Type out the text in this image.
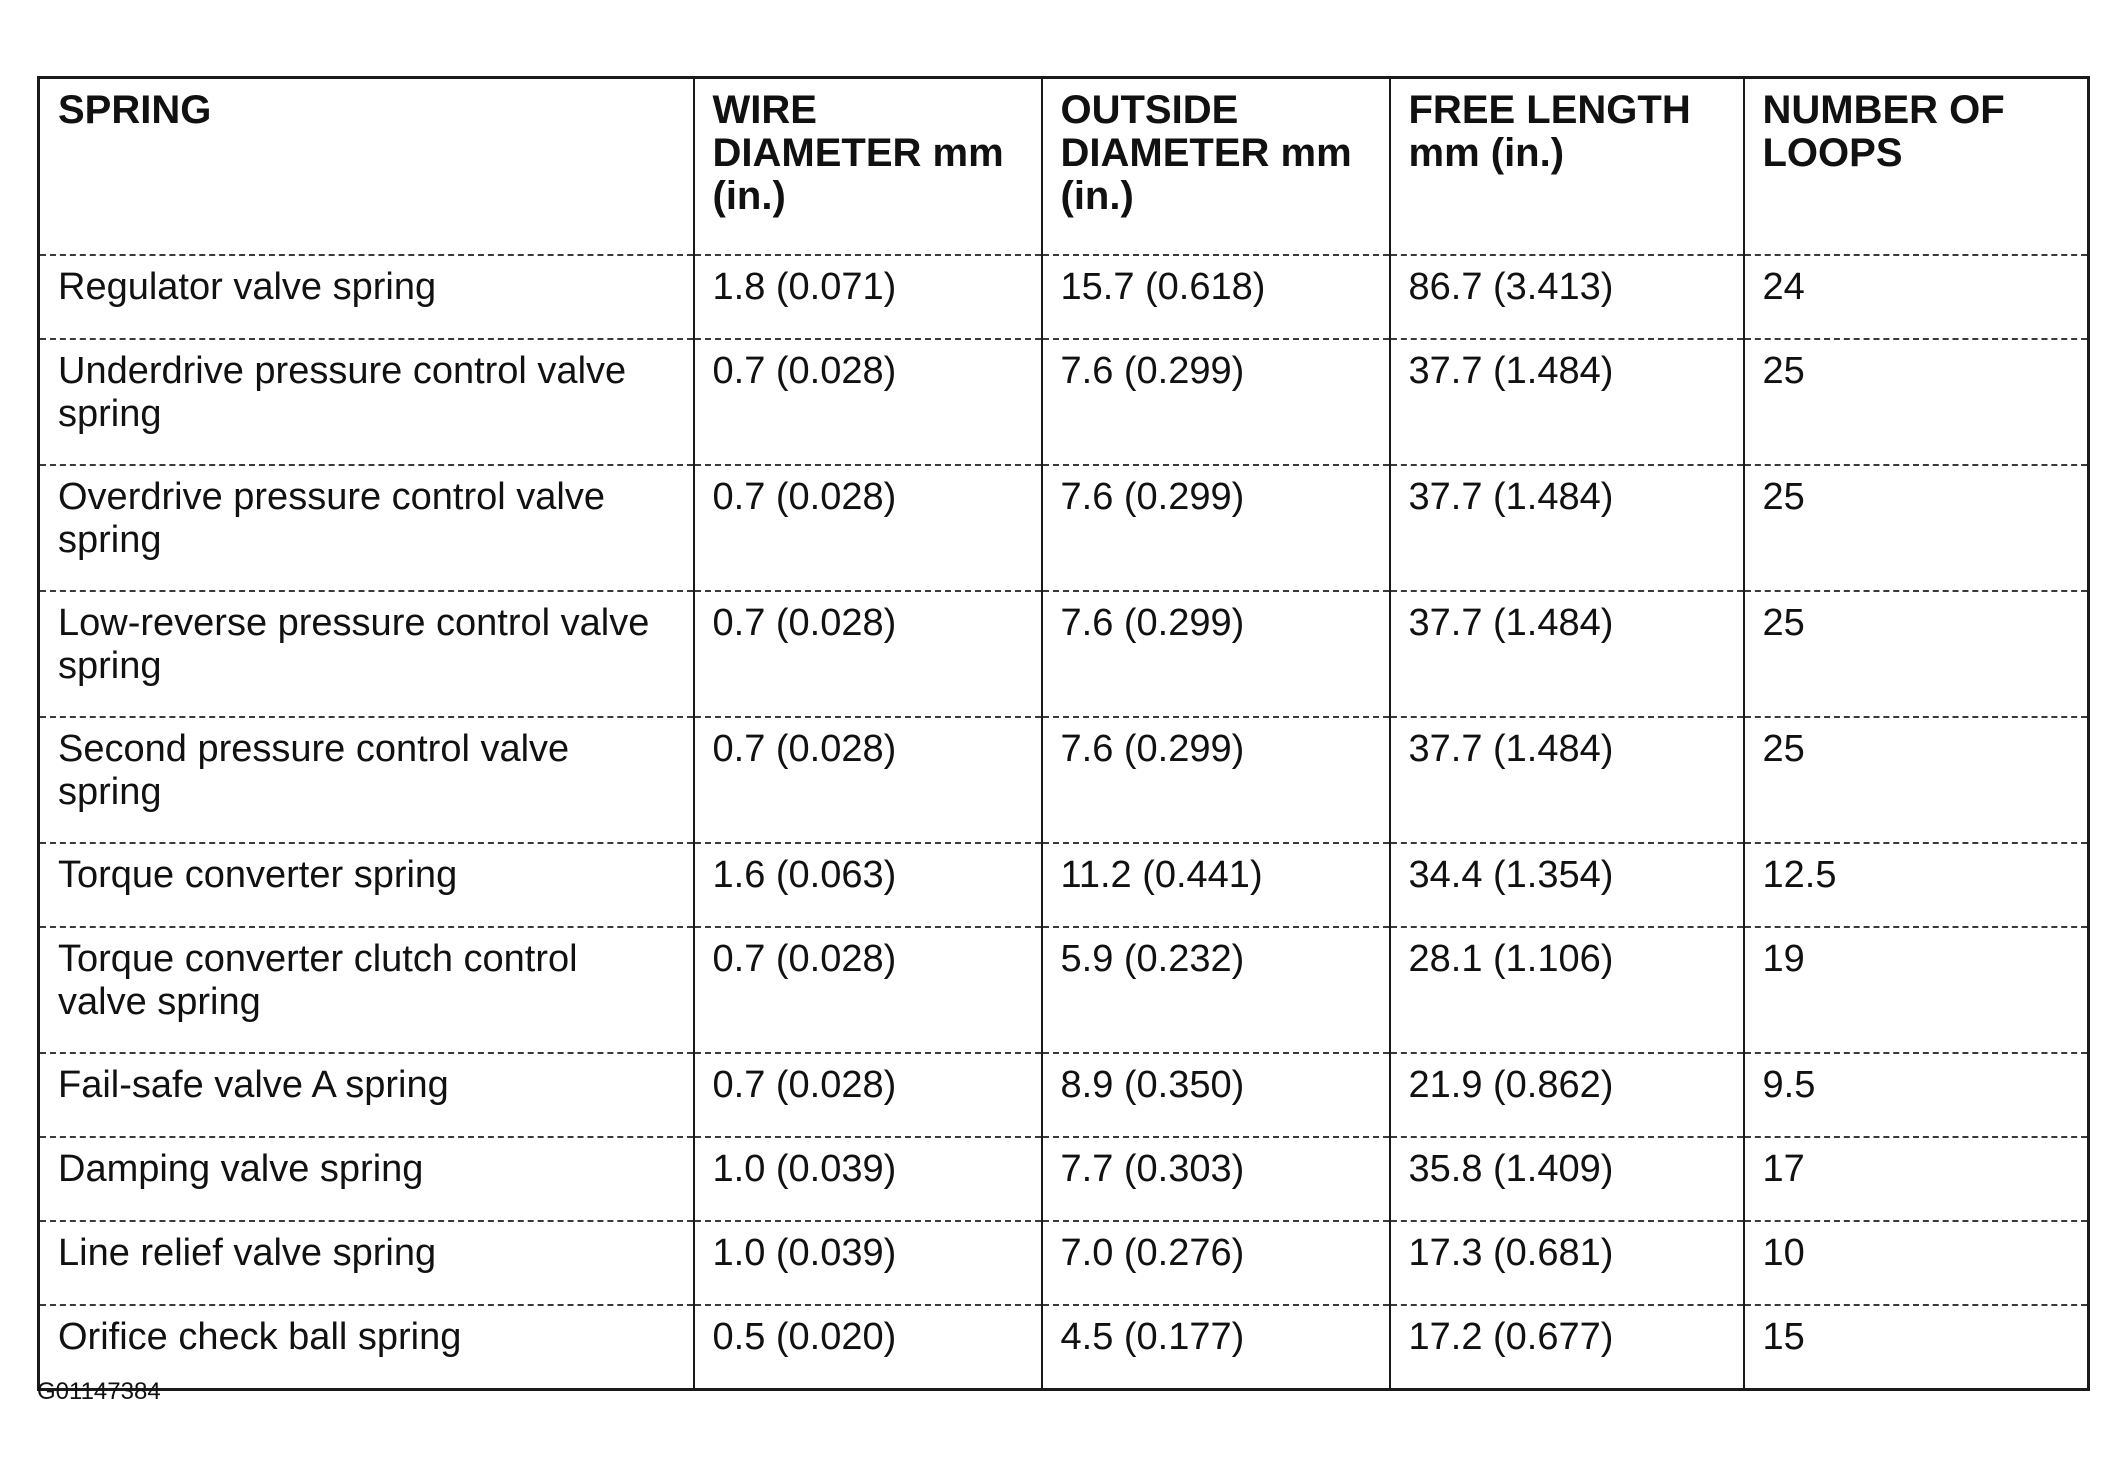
SPRING	WIRE DIAMETER mm (in.)	OUTSIDE DIAMETER mm (in.)	FREE LENGTH mm (in.)	NUMBER OF LOOPS
Regulator valve spring	1.8 (0.071)	15.7 (0.618)	86.7 (3.413)	24
Underdrive pressure control valve spring	0.7 (0.028)	7.6 (0.299)	37.7 (1.484)	25
Overdrive pressure control valve spring	0.7 (0.028)	7.6 (0.299)	37.7 (1.484)	25
Low-reverse pressure control valve spring	0.7 (0.028)	7.6 (0.299)	37.7 (1.484)	25
Second pressure control valve spring	0.7 (0.028)	7.6 (0.299)	37.7 (1.484)	25
Torque converter spring	1.6 (0.063)	11.2 (0.441)	34.4 (1.354)	12.5
Torque converter clutch control valve spring	0.7 (0.028)	5.9 (0.232)	28.1 (1.106)	19
Fail-safe valve A spring	0.7 (0.028)	8.9 (0.350)	21.9 (0.862)	9.5
Damping valve spring	1.0 (0.039)	7.7 (0.303)	35.8 (1.409)	17
Line relief valve spring	1.0 (0.039)	7.0 (0.276)	17.3 (0.681)	10
Orifice check ball spring	0.5 (0.020)	4.5 (0.177)	17.2 (0.677)	15
G01147384
